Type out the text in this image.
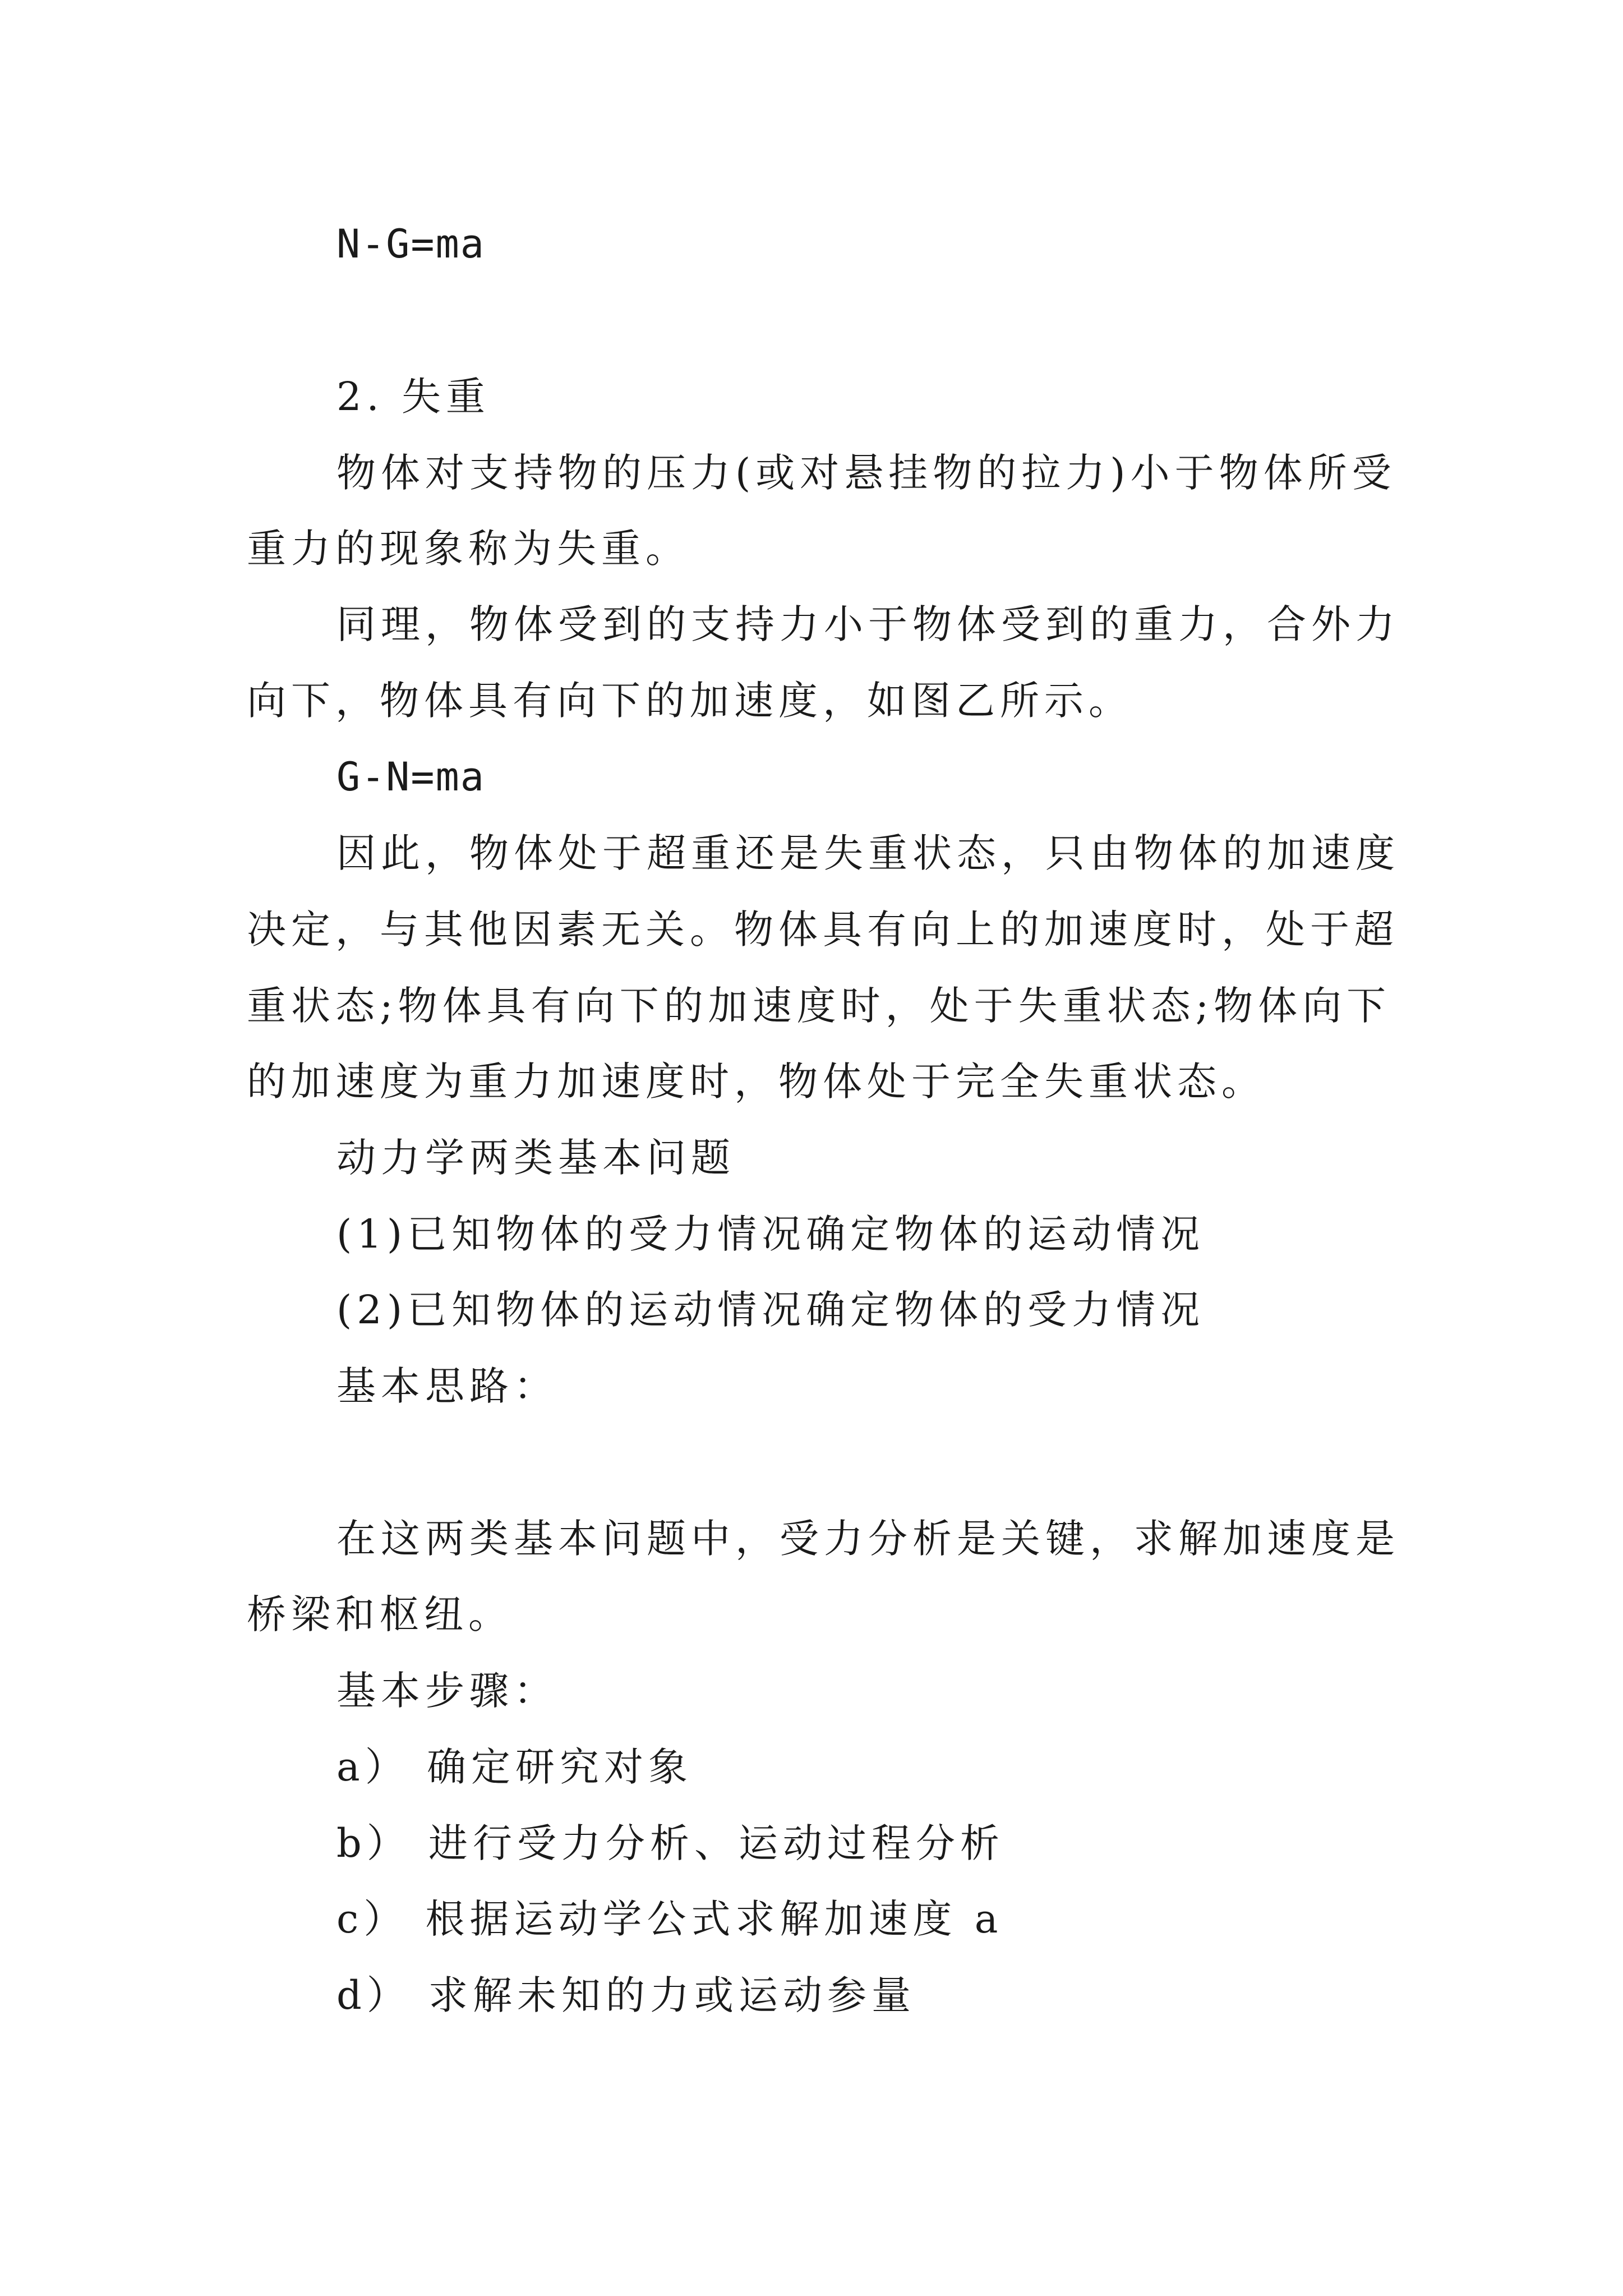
N-G=ma

2. 失重

物体对支持物的压力(或对悬挂物的拉力)小于物体所受

重力的现象称为失重。

同理，物体受到的支持力小于物体受到的重力，合外力

向下，物体具有向下的加速度，如图乙所示。

G-N=ma

因此，物体处于超重还是失重状态，只由物体的加速度

决定，与其他因素无关。物体具有向上的加速度时，处于超

重状态;物体具有向下的加速度时，处于失重状态;物体向下

的加速度为重力加速度时，物体处于完全失重状态。

动力学两类基本问题

(1)已知物体的受力情况确定物体的运动情况

(2)已知物体的运动情况确定物体的受力情况

基本思路：

在这两类基本问题中，受力分析是关键，求解加速度是

桥梁和枢纽。

基本步骤：

a） 确定研究对象

b） 进行受力分析、运动过程分析

c） 根据运动学公式求解加速度 a

d） 求解未知的力或运动参量
